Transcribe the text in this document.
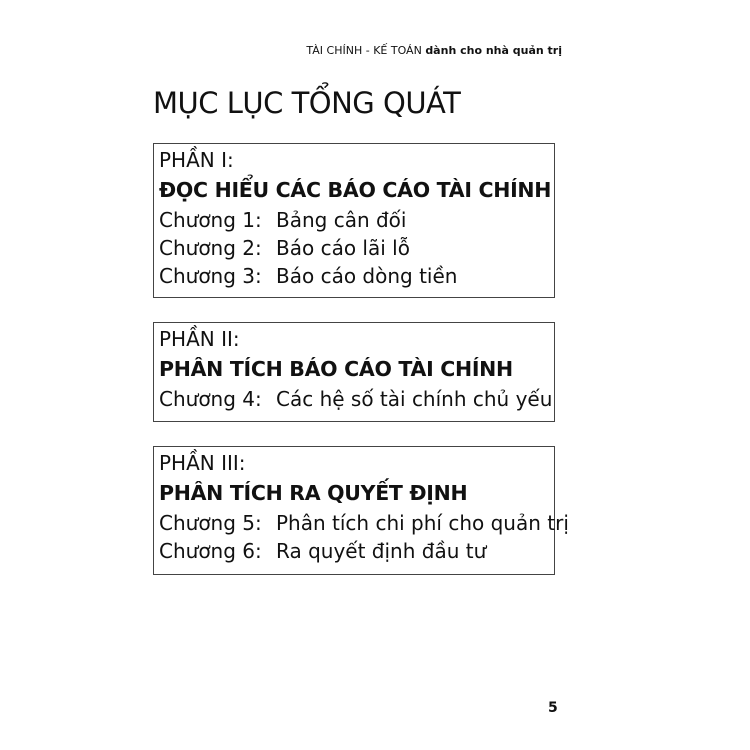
TÀI CHÍNH - KẾ TOÁN dành cho nhà quản trị
MỤC LỤC TỔNG QUÁT
PHẦN I:
ĐỌC HIỂU CÁC BÁO CÁO TÀI CHÍNH
Chương 1: Bảng cân đối
Chương 2: Báo cáo lãi lỗ
Chương 3: Báo cáo dòng tiền
PHẦN II:
PHÂN TÍCH BÁO CÁO TÀI CHÍNH
Chương 4: Các hệ số tài chính chủ yếu
PHẦN III:
PHÂN TÍCH RA QUYẾT ĐỊNH
Chương 5: Phân tích chi phí cho quản trị
Chương 6: Ra quyết định đầu tư
5
